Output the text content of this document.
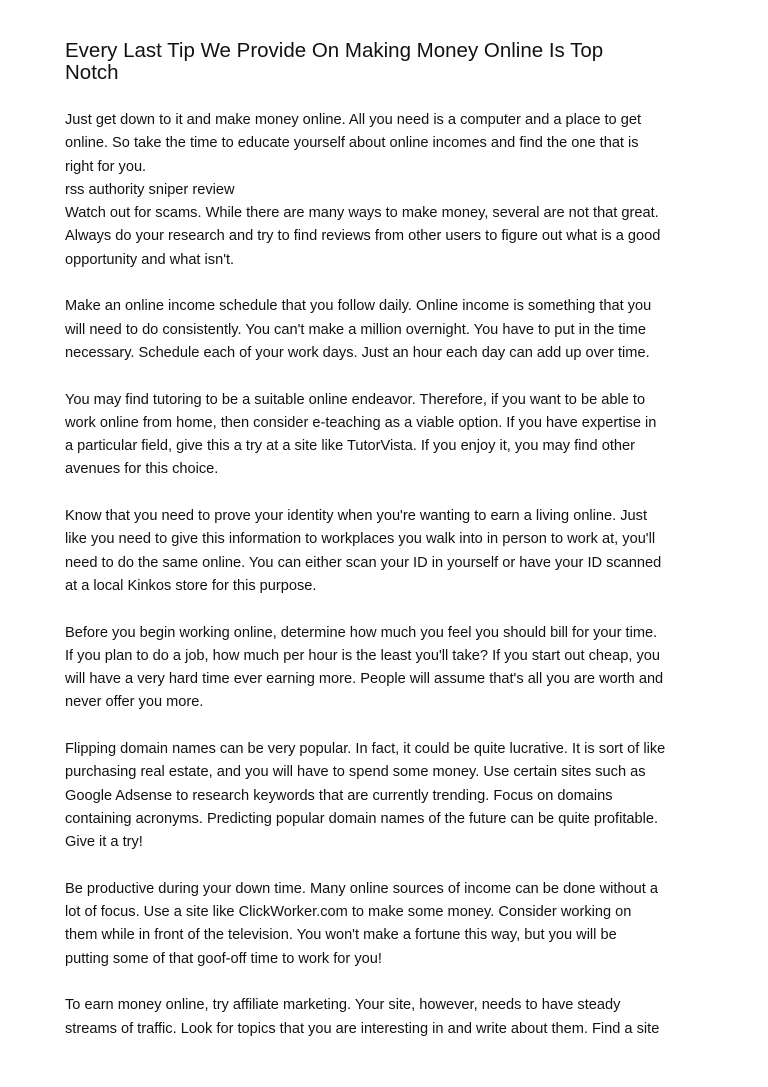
Every Last Tip We Provide On Making Money Online Is Top
Notch
Just get down to it and make money online. All you need is a computer and a place to get
online. So take the time to educate yourself about online incomes and find the one that is
right for you.
rss authority sniper review
Watch out for scams. While there are many ways to make money, several are not that great.
Always do your research and try to find reviews from other users to figure out what is a good
opportunity and what isn't.
Make an online income schedule that you follow daily. Online income is something that you
will need to do consistently. You can't make a million overnight. You have to put in the time
necessary. Schedule each of your work days. Just an hour each day can add up over time.
You may find tutoring to be a suitable online endeavor. Therefore, if you want to be able to
work online from home, then consider e-teaching as a viable option. If you have expertise in
a particular field, give this a try at a site like TutorVista. If you enjoy it, you may find other
avenues for this choice.
Know that you need to prove your identity when you're wanting to earn a living online. Just
like you need to give this information to workplaces you walk into in person to work at, you'll
need to do the same online. You can either scan your ID in yourself or have your ID scanned
at a local Kinkos store for this purpose.
Before you begin working online, determine how much you feel you should bill for your time.
If you plan to do a job, how much per hour is the least you'll take? If you start out cheap, you
will have a very hard time ever earning more. People will assume that's all you are worth and
never offer you more.
Flipping domain names can be very popular. In fact, it could be quite lucrative. It is sort of like
purchasing real estate, and you will have to spend some money. Use certain sites such as
Google Adsense to research keywords that are currently trending. Focus on domains
containing acronyms. Predicting popular domain names of the future can be quite profitable.
Give it a try!
Be productive during your down time. Many online sources of income can be done without a
lot of focus. Use a site like ClickWorker.com to make some money. Consider working on
them while in front of the television. You won't make a fortune this way, but you will be
putting some of that goof-off time to work for you!
To earn money online, try affiliate marketing. Your site, however, needs to have steady
streams of traffic. Look for topics that you are interesting in and write about them. Find a site
